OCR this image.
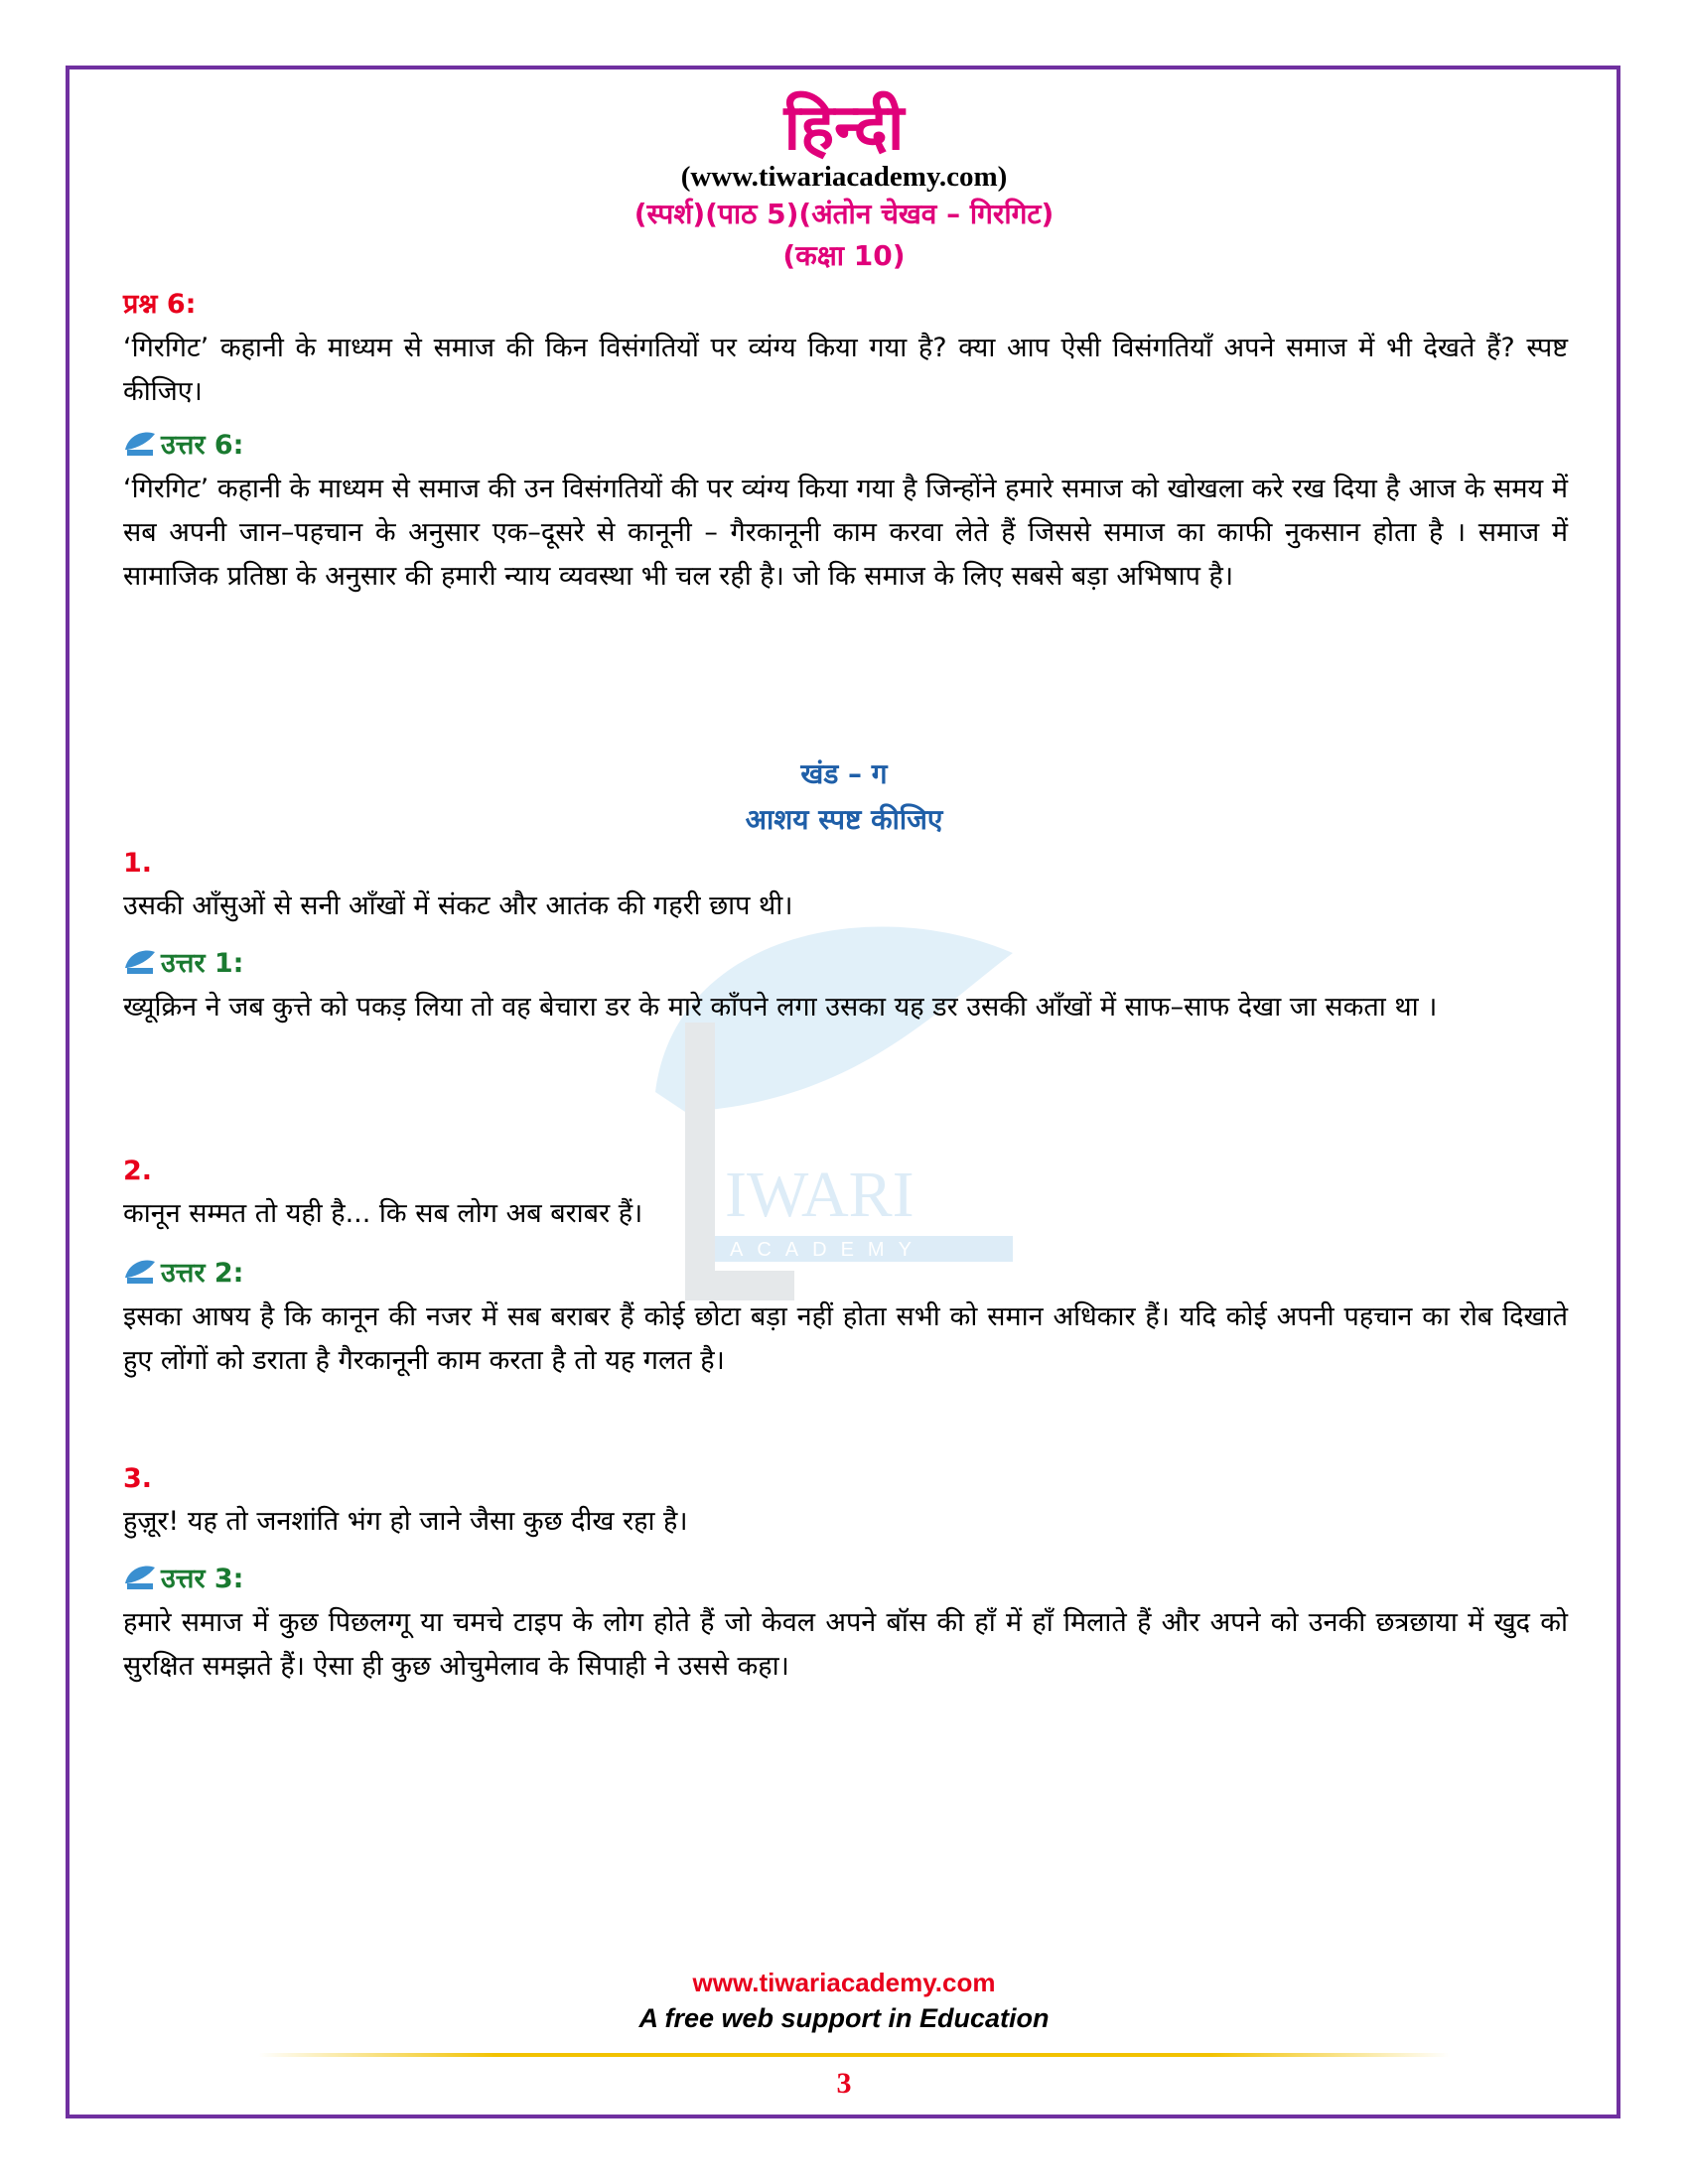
IWARI
ACADEMY
हिन्दी
(www.tiwariacademy.com)
(स्पर्श)(पाठ 5)(अंतोन चेखव – गिरगिट)
(कक्षा 10)
प्रश्न 6:

‘गिरगिट’ कहानी के माध्यम से समाज की किन विसंगतियों पर व्यंग्य किया गया है? क्या आप ऐसी विसंगतियाँ अपने समाज में भी देखते हैं? स्पष्ट कीजिए।

उत्तर 6:

‘गिरगिट’ कहानी के माध्यम से समाज की उन विसंगतियों की पर व्यंग्य किया गया है जिन्होंने हमारे समाज को खोखला करे रख दिया है आज के समय में सब अपनी जान–पहचान के अनुसार एक–दूसरे से कानूनी – गैरकानूनी काम करवा लेते हैं जिससे समाज का काफी नुकसान होता है । समाज में सामाजिक प्रतिष्ठा के अनुसार की हमारी न्याय व्यवस्था भी चल रही है। जो कि समाज के लिए सबसे बड़ा अभिषाप है।

खंड – ग
आशय स्पष्ट कीजिए
1.

उसकी आँसुओं से सनी आँखों में संकट और आतंक की गहरी छाप थी।

उत्तर 1:

ख्यूक्रिन ने जब कुत्ते को पकड़ लिया तो वह बेचारा डर के मारे काँपने लगा उसका यह डर उसकी आँखों में साफ–साफ देखा जा सकता था ।

2.

कानून सम्मत तो यही है... कि सब लोग अब बराबर हैं।

उत्तर 2:

इसका आषय है कि कानून की नजर में सब बराबर हैं कोई छोटा बड़ा नहीं होता सभी को समान अधिकार हैं। यदि कोई अपनी पहचान का रोब दिखाते हुए लोंगों को डराता है गैरकानूनी काम करता है तो यह गलत है।

3.

हुज़ूर! यह तो जनशांति भंग हो जाने जैसा कुछ दीख रहा है।

उत्तर 3:

हमारे समाज में कुछ पिछलग्गू या चमचे टाइप के लोग होते हैं जो केवल अपने बॉस की हाँ में हाँ मिलाते हैं और अपने को उनकी छत्रछाया में खुद को सुरक्षित समझते हैं। ऐसा ही कुछ ओचुमेलाव के सिपाही ने उससे कहा।

www.tiwariacademy.com
A free web support in Education
3
